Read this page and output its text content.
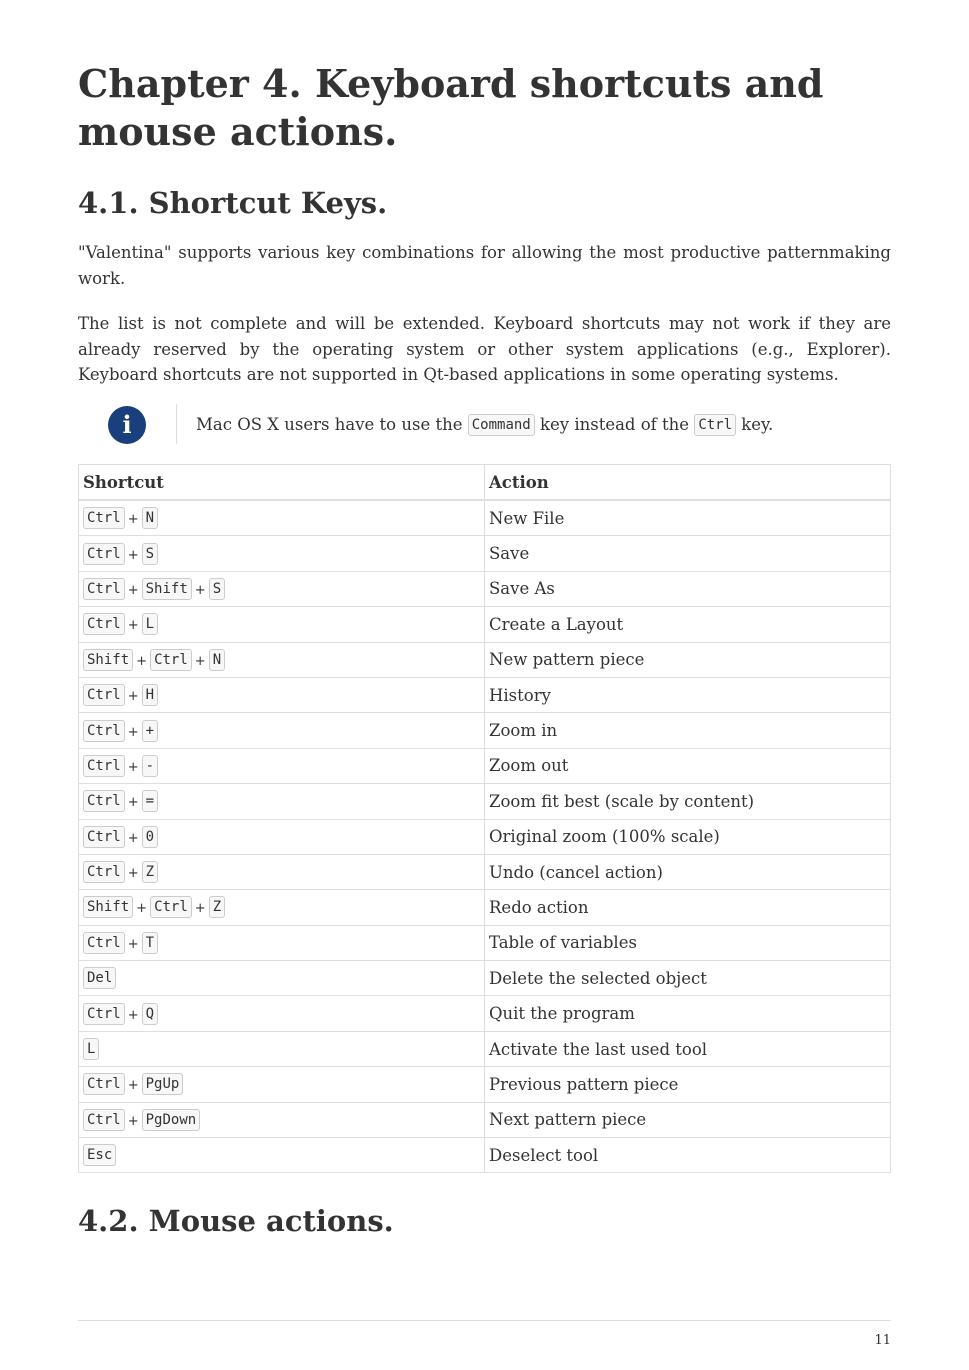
Chapter 4. Keyboard shortcuts and mouse actions.
4.1. Shortcut Keys.

"Valentina" supports various key combinations for allowing the most productive patternmaking work.

The list is not complete and will be extended. Keyboard shortcuts may not work if they are already reserved by the operating system or other system applications (e.g., Explorer). Keyboard shortcuts are not supported in Qt-based applications in some operating systems.

i	Mac OS X users have to use the Command key instead of the Ctrl key.
Shortcut	Action
Ctrl + N	New File
Ctrl + S	Save
Ctrl + Shift + S	Save As
Ctrl + L	Create a Layout
Shift + Ctrl + N	New pattern piece
Ctrl + H	History
Ctrl + +	Zoom in
Ctrl + -	Zoom out
Ctrl + =	Zoom fit best (scale by content)
Ctrl + 0	Original zoom (100% scale)
Ctrl + Z	Undo (cancel action)
Shift + Ctrl + Z	Redo action
Ctrl + T	Table of variables
Del	Delete the selected object
Ctrl + Q	Quit the program
L	Activate the last used tool
Ctrl + PgUp	Previous pattern piece
Ctrl + PgDown	Next pattern piece
Esc	Deselect tool
4.2. Mouse actions.
11
